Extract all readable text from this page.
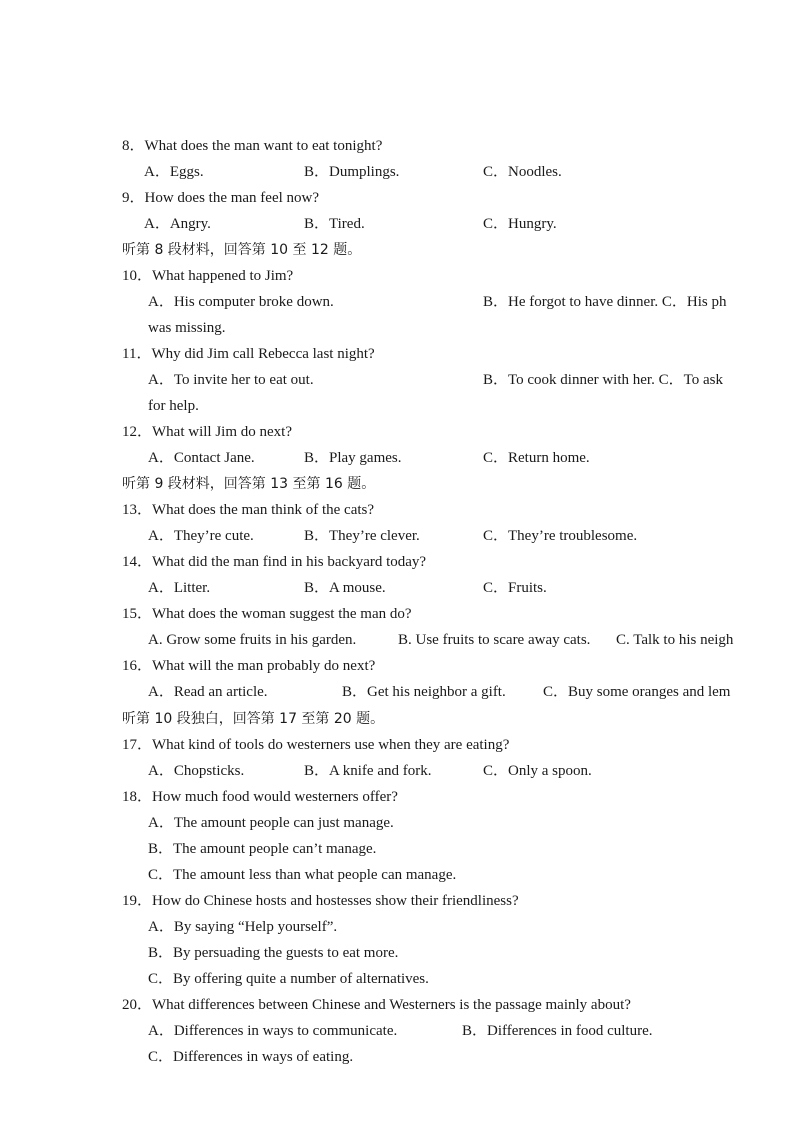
8．What does the man want to eat tonight?
A．Eggs.	B．Dumplings.	C．Noodles.
9．How does the man feel now?
A．Angry.	B．Tired.	C．Hungry.
听第 8 段材料，回答第 10 至 12 题。
10．What happened to Jim?
A．His computer broke down.	B．He forgot to have dinner. C．His ph
was missing.
11．Why did Jim call Rebecca last night?
A．To invite her to eat out.	B．To cook dinner with her. C．To ask
for help.
12．What will Jim do next?
A．Contact Jane.	B．Play games.	C．Return home.
听第 9 段材料，回答第 13 至第 16 题。
13．What does the man think of the cats?
A．They’re cute.	B．They’re clever.	C．They’re troublesome.
14．What did the man find in his backyard today?
A．Litter.	B．A mouse.	C．Fruits.
15．What does the woman suggest the man do?
A. Grow some fruits in his garden.	B. Use fruits to scare away cats. C. Talk to his neigh
16．What will the man probably do next?
A．Read an article.	B．Get his neighbor a gift. C．Buy some oranges and lem
听第 10 段独白，回答第 17 至第 20 题。
17．What kind of tools do westerners use when they are eating?
A．Chopsticks.	B．A knife and fork.	C．Only a spoon.
18．How much food would westerners offer?
A．The amount people can just manage.
B．The amount people can’t manage.
C．The amount less than what people can manage.
19．How do Chinese hosts and hostesses show their friendliness?
A．By saying “Help yourself”.
B．By persuading the guests to eat more.
C．By offering quite a number of alternatives.
20．What differences between Chinese and Westerners is the passage mainly about?
A．Differences in ways to communicate.	B．Differences in food culture.
C．Differences in ways of eating.
